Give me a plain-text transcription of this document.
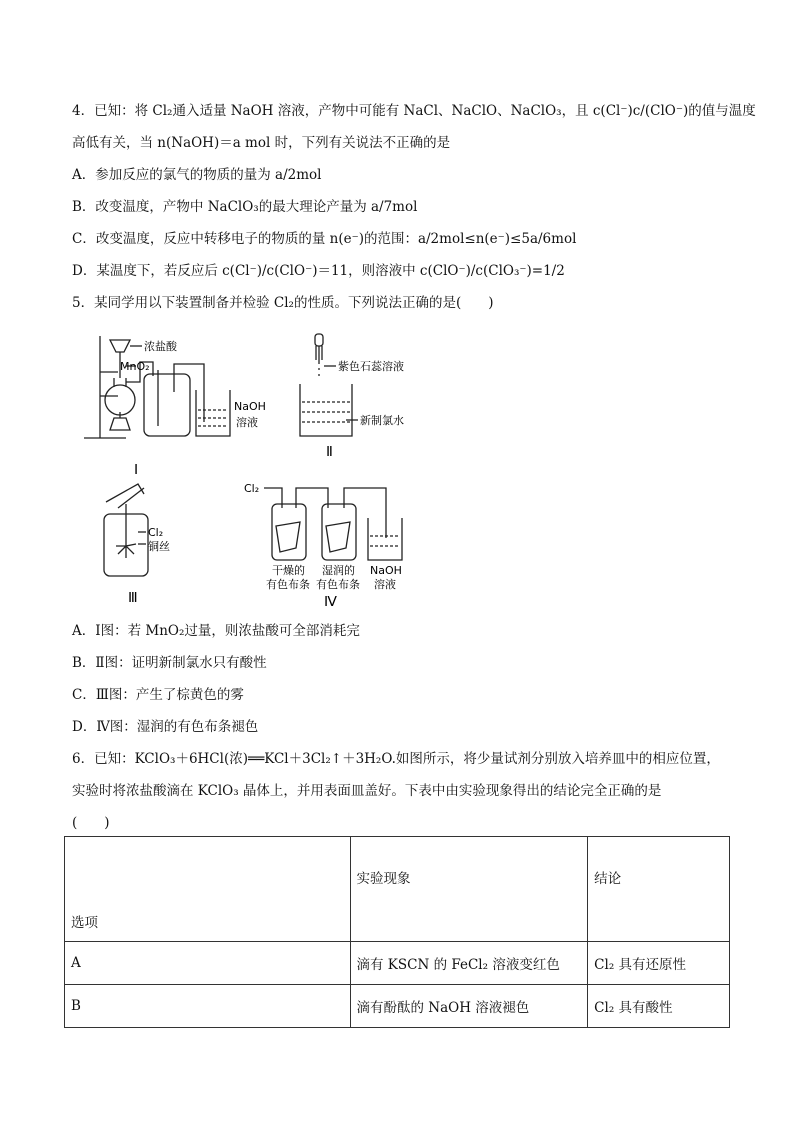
4．已知：将 Cl₂通入适量 NaOH 溶液，产物中可能有 NaCl、NaClO、NaClO₃，且 c(Cl⁻)c/(ClO⁻)的值与温度
高低有关，当 n(NaOH)＝a mol 时，下列有关说法不正确的是
A．参加反应的氯气的物质的量为 a/2mol
B．改变温度，产物中 NaClO₃的最大理论产量为 a/7mol
C．改变温度，反应中转移电子的物质的量 n(e⁻)的范围：a/2mol≤n(e⁻)≤5a/6mol
D．某温度下，若反应后 c(Cl⁻)/c(ClO⁻)＝11，则溶液中 c(ClO⁻)/c(ClO₃⁻)=1/2
5．某同学用以下装置制备并检验 Cl₂的性质。下列说法正确的是(　　)
浓盐酸
MnO₂
NaOH
溶液
Ⅰ
紫色石蕊溶液
新制氯水
Ⅱ
Cl₂
铜丝
Ⅲ
Cl₂
干燥的
有色布条
湿润的
有色布条
NaOH
溶液
Ⅳ
A．Ⅰ图：若 MnO₂过量，则浓盐酸可全部消耗完
B．Ⅱ图：证明新制氯水只有酸性
C．Ⅲ图：产生了棕黄色的雾
D．Ⅳ图：湿润的有色布条褪色
6．已知：KClO₃＋6HCl(浓)══KCl＋3Cl₂↑＋3H₂O.如图所示，将少量试剂分别放入培养皿中的相应位置，
实验时将浓盐酸滴在 KClO₃ 晶体上，并用表面皿盖好。下表中由实验现象得出的结论完全正确的是
(　　)
选项	实验现象	结论
A	滴有 KSCN 的 FeCl₂ 溶液变红色	Cl₂ 具有还原性
B	滴有酚酞的 NaOH 溶液褪色	Cl₂ 具有酸性
